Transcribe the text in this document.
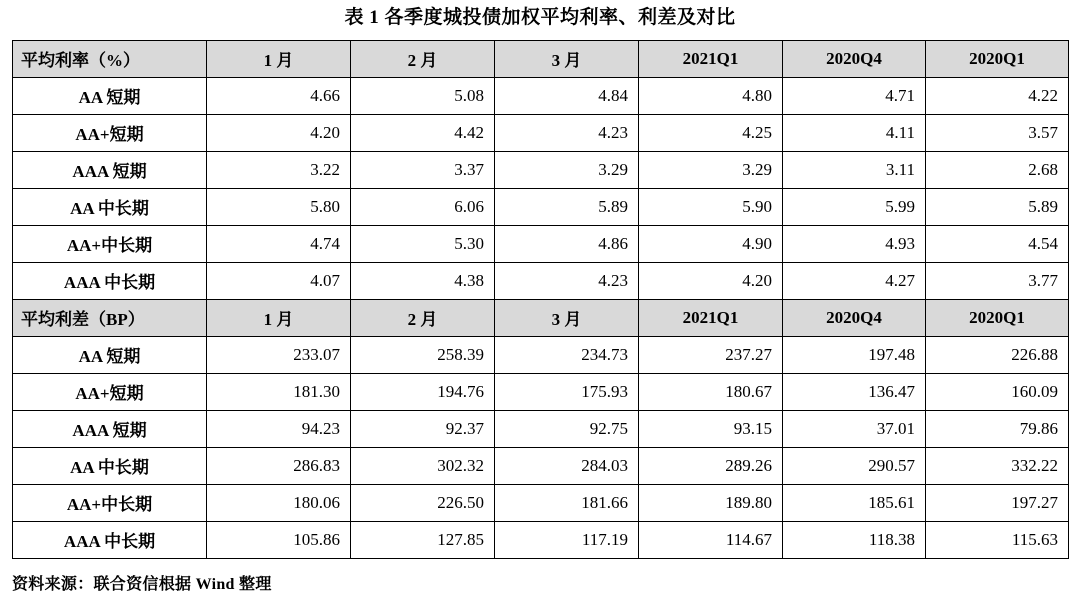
表 1 各季度城投债加权平均利率、利差及对比
平均利率（%）	1 月	2 月	3 月	2021Q1	2020Q4	2020Q1
AA 短期	4.66	5.08	4.84	4.80	4.71	4.22
AA+短期	4.20	4.42	4.23	4.25	4.11	3.57
AAA 短期	3.22	3.37	3.29	3.29	3.11	2.68
AA 中长期	5.80	6.06	5.89	5.90	5.99	5.89
AA+中长期	4.74	5.30	4.86	4.90	4.93	4.54
AAA 中长期	4.07	4.38	4.23	4.20	4.27	3.77
平均利差（BP）	1 月	2 月	3 月	2021Q1	2020Q4	2020Q1
AA 短期	233.07	258.39	234.73	237.27	197.48	226.88
AA+短期	181.30	194.76	175.93	180.67	136.47	160.09
AAA 短期	94.23	92.37	92.75	93.15	37.01	79.86
AA 中长期	286.83	302.32	284.03	289.26	290.57	332.22
AA+中长期	180.06	226.50	181.66	189.80	185.61	197.27
AAA 中长期	105.86	127.85	117.19	114.67	118.38	115.63
资料来源：联合资信根据 Wind 整理
